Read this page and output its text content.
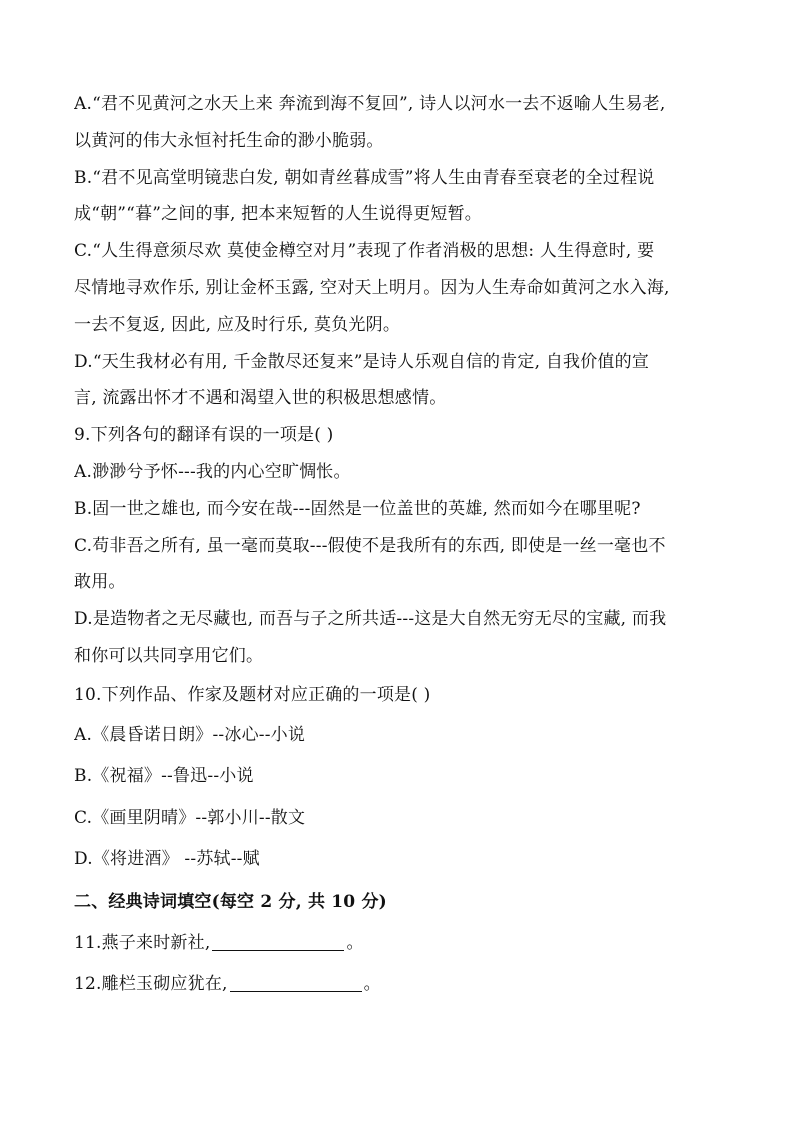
A.“君不见黄河之水天上来 奔流到海不复回”, 诗人以河水一去不返喻人生易老,
以黄河的伟大永恒衬托生命的渺小脆弱。
B.“君不见高堂明镜悲白发, 朝如青丝暮成雪”将人生由青春至衰老的全过程说
成“朝”“暮”之间的事, 把本来短暂的人生说得更短暂。
C.“人生得意须尽欢 莫使金樽空对月”表现了作者消极的思想: 人生得意时, 要
尽情地寻欢作乐, 别让金杯玉露, 空对天上明月。因为人生寿命如黄河之水入海,
一去不复返, 因此, 应及时行乐, 莫负光阴。
D.“天生我材必有用, 千金散尽还复来”是诗人乐观自信的肯定, 自我价值的宣
言, 流露出怀才不遇和渴望入世的积极思想感情。
9.下列各句的翻译有误的一项是( )
A.渺渺兮予怀---我的内心空旷惆怅。
B.固一世之雄也, 而今安在哉---固然是一位盖世的英雄, 然而如今在哪里呢?
C.苟非吾之所有, 虽一毫而莫取---假使不是我所有的东西, 即使是一丝一毫也不
敢用。
D.是造物者之无尽藏也, 而吾与子之所共适---这是大自然无穷无尽的宝藏, 而我
和你可以共同享用它们。
10.下列作品、作家及题材对应正确的一项是( )
A.《晨昏诺日朗》--冰心--小说
B.《祝福》--鲁迅--小说
C.《画里阴晴》--郭小川--散文
D.《将进酒》 --苏轼--赋
二、经典诗词填空(每空 2 分, 共 10 分)
11.燕子来时新社,	。
12.雕栏玉砌应犹在,	。
